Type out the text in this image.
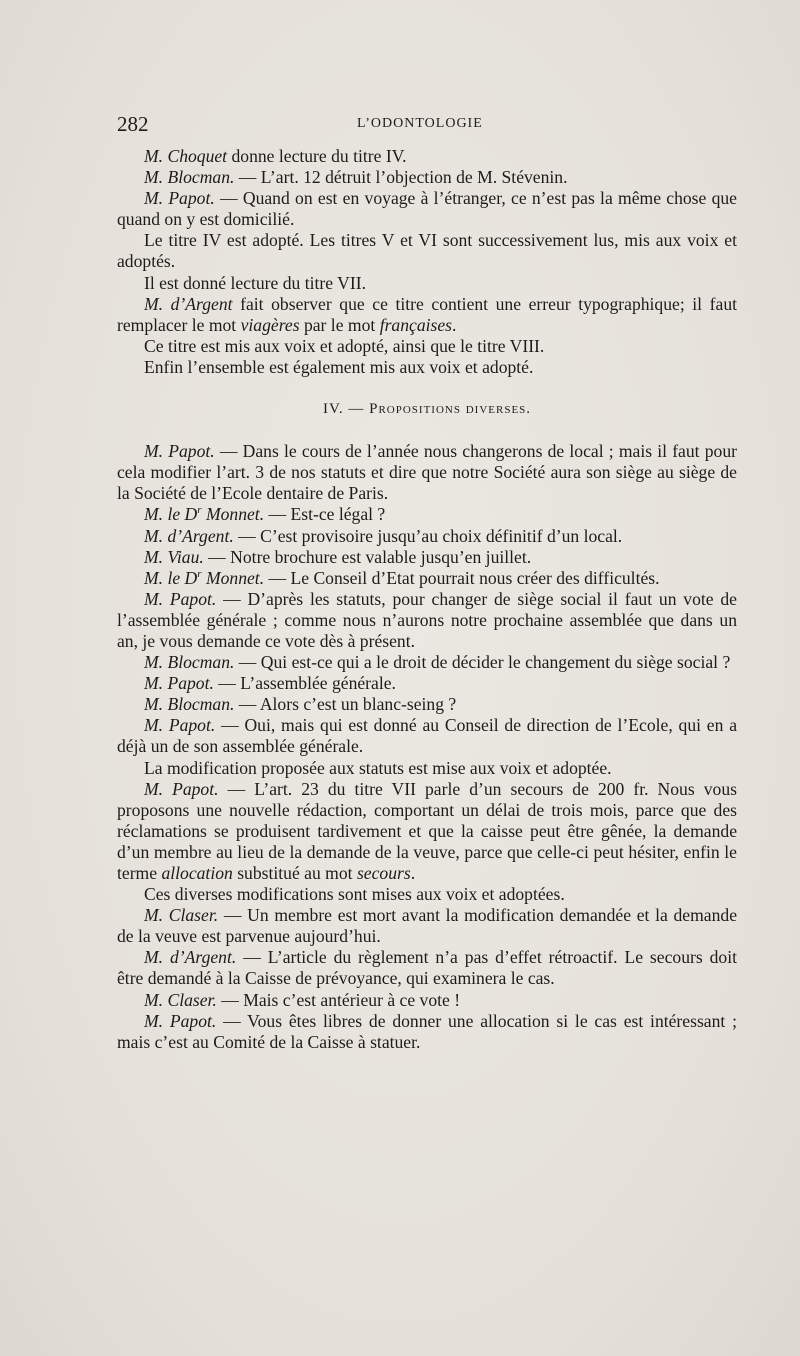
282	L’ODONTOLOGIE

M. Choquet donne lecture du titre IV.

M. Blocman. — L’art. 12 détruit l’objection de M. Stévenin.

M. Papot. — Quand on est en voyage à l’étranger, ce n’est pas la même chose que quand on y est domicilié.

Le titre IV est adopté. Les titres V et VI sont successivement lus, mis aux voix et adoptés.

Il est donné lecture du titre VII.

M. d’Argent fait observer que ce titre contient une erreur typographique; il faut remplacer le mot viagères par le mot françaises.

Ce titre est mis aux voix et adopté, ainsi que le titre VIII.

Enfin l’ensemble est également mis aux voix et adopté.

IV. — Propositions diverses.

M. Papot. — Dans le cours de l’année nous changerons de local ; mais il faut pour cela modifier l’art. 3 de nos statuts et dire que notre Société aura son siège au siège de la Société de l’Ecole dentaire de Paris.

M. le $D^r$ Monnet. — Est-ce légal ?

M. d’Argent. — C’est provisoire jusqu’au choix définitif d’un local.

M. Viau. — Notre brochure est valable jusqu’en juillet.

M. le $D^r$ Monnet. — Le Conseil d’Etat pourrait nous créer des difficultés.

M. Papot. — D’après les statuts, pour changer de siège social il faut un vote de l’assemblée générale ; comme nous n’aurons notre prochaine assemblée que dans un an, je vous demande ce vote dès à présent.

M. Blocman. — Qui est-ce qui a le droit de décider le changement du siège social ?

M. Papot. — L’assemblée générale.

M. Blocman. — Alors c’est un blanc-seing ?

M. Papot. — Oui, mais qui est donné au Conseil de direction de l’Ecole, qui en a déjà un de son assemblée générale.

La modification proposée aux statuts est mise aux voix et adoptée.

M. Papot. — L’art. 23 du titre VII parle d’un secours de 200 fr. Nous vous proposons une nouvelle rédaction, comportant un délai de trois mois, parce que des réclamations se produisent tardivement et que la caisse peut être gênée, la demande d’un membre au lieu de la demande de la veuve, parce que celle-ci peut hésiter, enfin le terme allocation substitué au mot secours.

Ces diverses modifications sont mises aux voix et adoptées.

M. Claser. — Un membre est mort avant la modification demandée et la demande de la veuve est parvenue aujourd’hui.

M. d’Argent. — L’article du règlement n’a pas d’effet rétroactif. Le secours doit être demandé à la Caisse de prévoyance, qui examinera le cas.

M. Claser. — Mais c’est antérieur à ce vote !

M. Papot. — Vous êtes libres de donner une allocation si le cas est intéressant ; mais c’est au Comité de la Caisse à statuer.
